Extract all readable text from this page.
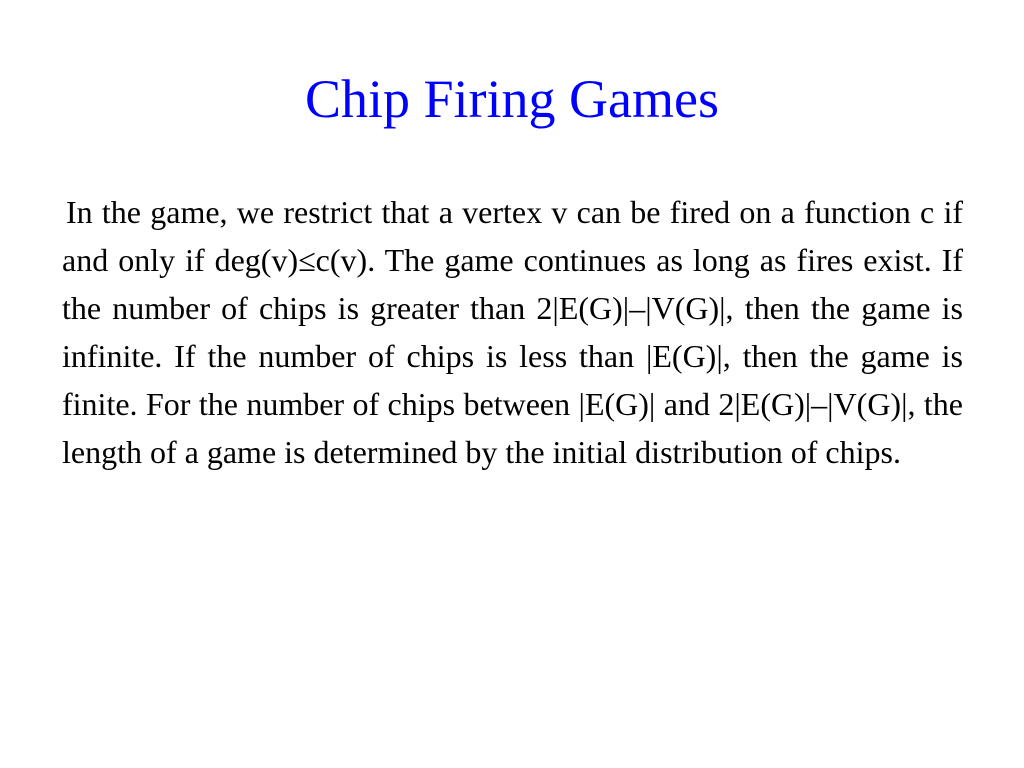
Chip Firing Games

In the game, we restrict that a vertex v can be fired on a function c if and only if deg(v)≤c(v). The game continues as long as fires exist. If the number of chips is greater than 2|E(G)|–|V(G)|, then the game is infinite. If the number of chips is less than |E(G)|, then the game is finite. For the number of chips between |E(G)| and 2|E(G)|–|V(G)|, the length of a game is determined by the initial distribution of chips.
